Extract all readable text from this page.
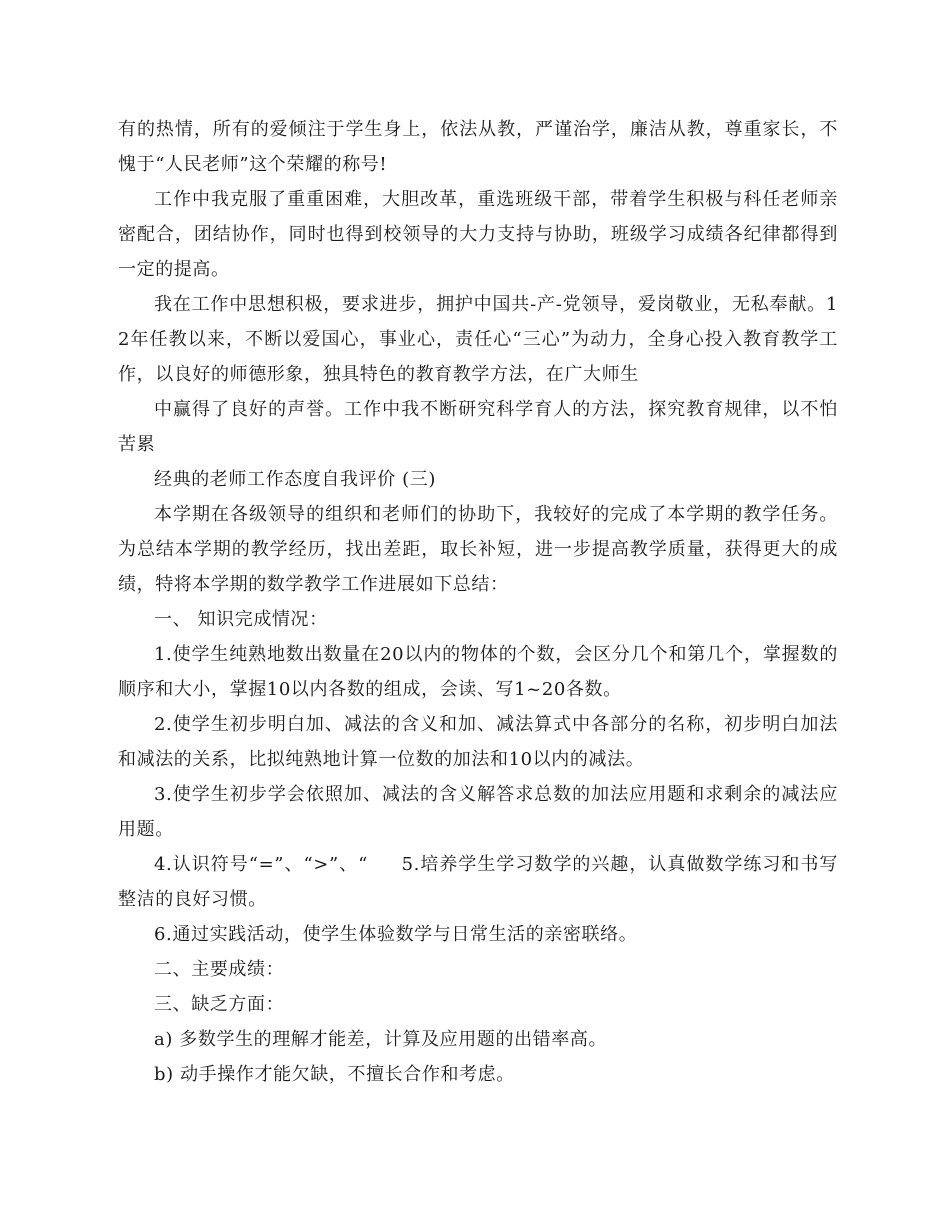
有的热情，所有的爱倾注于学生身上，依法从教，严谨治学，廉洁从教，尊重家长，不愧于“人民老师”这个荣耀的称号!

工作中我克服了重重困难，大胆改革，重选班级干部，带着学生积极与科任老师亲密配合，团结协作，同时也得到校领导的大力支持与协助，班级学习成绩各纪律都得到一定的提高。

我在工作中思想积极，要求进步，拥护中国共-产-党领导，爱岗敬业，无私奉献。12年任教以来，不断以爱国心，事业心，责任心“三心”为动力，全身心投入教育教学工作，以良好的师德形象，独具特色的教育教学方法，在广大师生

中赢得了良好的声誉。工作中我不断研究科学育人的方法，探究教育规律，以不怕苦累

经典的老师工作态度自我评价 (三)

本学期在各级领导的组织和老师们的协助下，我较好的完成了本学期的教学任务。为总结本学期的教学经历，找出差距，取长补短，进一步提高教学质量，获得更大的成绩，特将本学期的数学教学工作进展如下总结：

一、 知识完成情况：

1.使学生纯熟地数出数量在20以内的物体的个数，会区分几个和第几个，掌握数的顺序和大小，掌握10以内各数的组成，会读、写1~20各数。

2.使学生初步明白加、减法的含义和加、减法算式中各部分的名称，初步明白加法和减法的关系，比拟纯熟地计算一位数的加法和10以内的减法。

3.使学生初步学会依照加、减法的含义解答求总数的加法应用题和求剩余的减法应用题。

4.认识符号“=”、“>”、“     5.培养学生学习数学的兴趣，认真做数学练习和书写整洁的良好习惯。

6.通过实践活动，使学生体验数学与日常生活的亲密联络。

二、主要成绩：

三、缺乏方面：

a) 多数学生的理解才能差，计算及应用题的出错率高。

b) 动手操作才能欠缺，不擅长合作和考虑。
